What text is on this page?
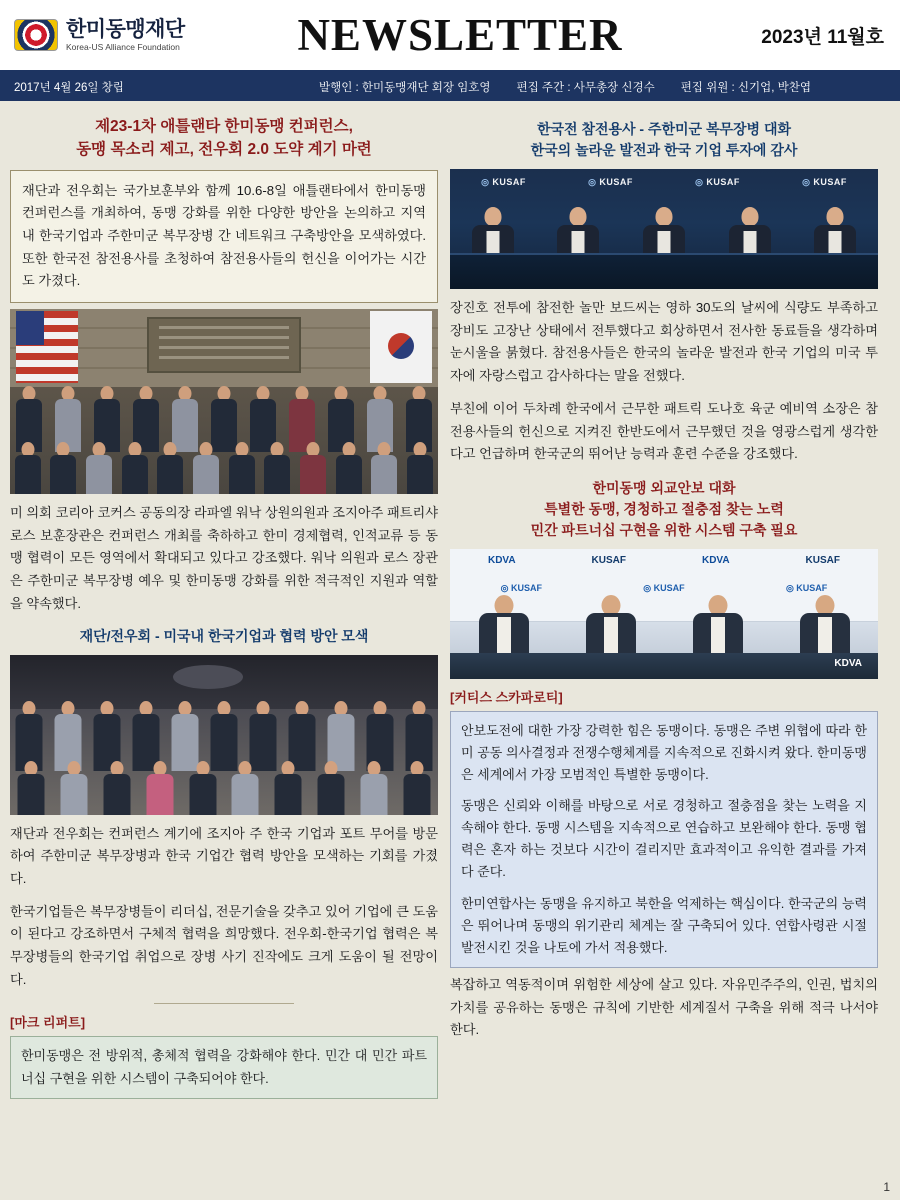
한미동맹재단
Korea-US Alliance Foundation	NEWSLETTER	2023년 11월호
2017년 4월 26일 창립	발행인 : 한미동맹재단 회장 임호영 편집 주간 : 사무총장 신경수 편집 위원 : 신기업, 박찬엽
제23-1차 애틀랜타 한미동맹 컨퍼런스,
동맹 목소리 제고, 전우회 2.0 도약 계기 마련
재단과 전우회는 국가보훈부와 함께 10.6-8일 애틀랜타에서 한미동맹 컨퍼런스를 개최하여, 동맹 강화를 위한 다양한 방안을 논의하고 지역 내 한국기업과 주한미군 복무장병 간 네트워크 구축방안을 모색하였다. 또한 한국전 참전용사를 초청하여 참전용사들의 헌신을 이어가는 시간도 가졌다.

미 의회 코리아 코커스 공동의장 라파엘 워낙 상원의원과 조지아주 패트리샤 로스 보훈장관은 컨퍼런스 개최를 축하하고 한미 경제협력, 인적교류 등 동맹 협력이 모든 영역에서 확대되고 있다고 강조했다. 워낙 의원과 로스 장관은 주한미군 복무장병 예우 및 한미동맹 강화를 위한 적극적인 지원과 역할을 약속했다.

재단/전우회 - 미국내 한국기업과 협력 방안 모색

재단과 전우회는 컨퍼런스 계기에 조지아 주 한국 기업과 포트 무어를 방문하여 주한미군 복무장병과 한국 기업간 협력 방안을 모색하는 기회를 가졌다.

한국기업들은 복무장병들이 리더십, 전문기술을 갖추고 있어 기업에 큰 도움이 된다고 강조하면서 구체적 협력을 희망했다. 전우회-한국기업 협력은 복무장병들의 한국기업 취업으로 장병 사기 진작에도 크게 도움이 될 전망이다.

[마크 리퍼트]

한미동맹은 전 방위적, 총체적 협력을 강화해야 한다. 민간 대 민간 파트너십 구현을 위한 시스템이 구축되어야 한다.

한국전 참전용사 - 주한미군 복무장병 대화
한국의 놀라운 발전과 한국 기업 투자에 감사
◎ KUSAF	◎ KUSAF	◎ KUSAF	◎ KUSAF

장진호 전투에 참전한 놀만 보드씨는 영하 30도의 날씨에 식량도 부족하고 장비도 고장난 상태에서 전투했다고 회상하면서 전사한 동료들을 생각하며 눈시울을 붉혔다. 참전용사들은 한국의 놀라운 발전과 한국 기업의 미국 투자에 자랑스럽고 감사하다는 말을 전했다.

부친에 이어 두차례 한국에서 근무한 패트릭 도나호 육군 예비역 소장은 참전용사들의 헌신으로 지켜진 한반도에서 근무했던 것을 영광스럽게 생각한다고 언급하며 한국군의 뛰어난 능력과 훈련 수준을 강조했다.

한미동맹 외교안보 대화
특별한 동맹, 경청하고 절충점 찾는 노력
민간 파트너십 구현을 위한 시스템 구축 필요
KDVA	KUSAF	KDVA	KUSAF
◎ KUSAF	◎ KUSAF	◎ KUSAF
KDVA
[커티스 스카파로티]

안보도전에 대한 가장 강력한 힘은 동맹이다. 동맹은 주변 위협에 따라 한미 공동 의사결정과 전쟁수행체계를 지속적으로 진화시켜 왔다. 한미동맹은 세계에서 가장 모범적인 특별한 동맹이다.

동맹은 신뢰와 이해를 바탕으로 서로 경청하고 절충점을 찾는 노력을 지속해야 한다. 동맹 시스템을 지속적으로 연습하고 보완해야 한다. 동맹 협력은 혼자 하는 것보다 시간이 걸리지만 효과적이고 유익한 결과를 가져다 준다.

한미연합사는 동맹을 유지하고 북한을 억제하는 핵심이다. 한국군의 능력은 뛰어나며 동맹의 위기관리 체계는 잘 구축되어 있다. 연합사령관 시절 발전시킨 것을 나토에 가서 적용했다.

복잡하고 역동적이며 위험한 세상에 살고 있다. 자유민주주의, 인권, 법치의 가치를 공유하는 동맹은 규칙에 기반한 세계질서 구축을 위해 적극 나서야 한다.
1
